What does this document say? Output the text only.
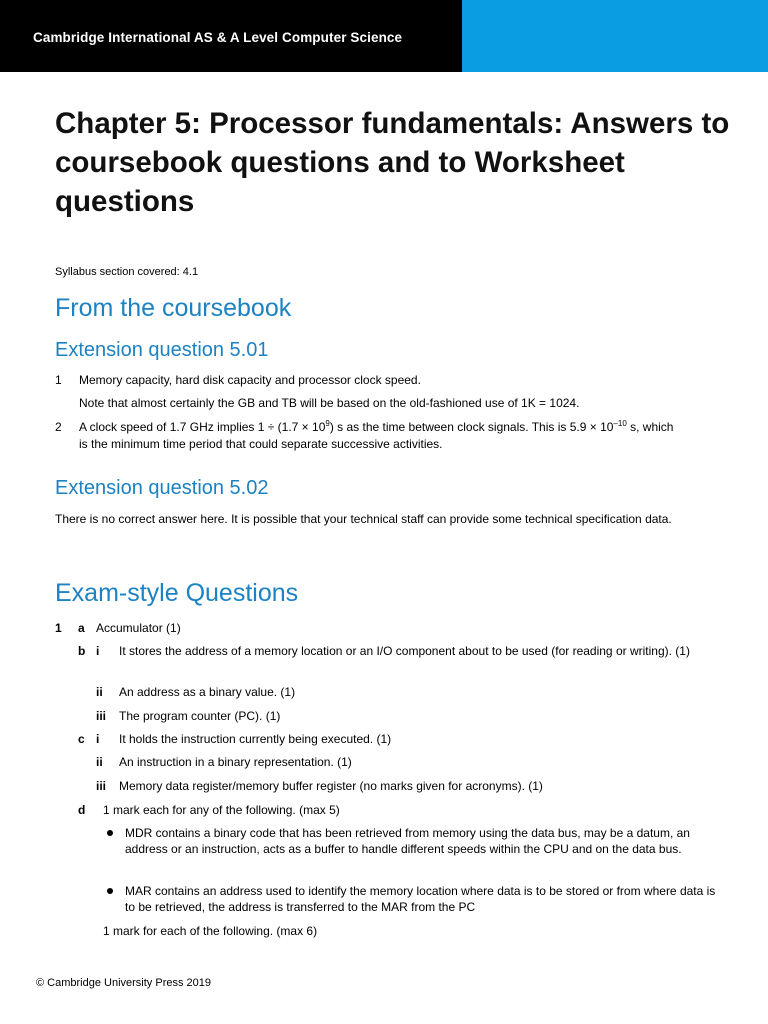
Cambridge International AS & A Level Computer Science
Chapter 5: Processor fundamentals: Answers to coursebook questions and to Worksheet questions

Syllabus section covered: 4.1

From the coursebook

Extension question 5.01

1 Memory capacity, hard disk capacity and processor clock speed.

Note that almost certainly the GB and TB will be based on the old-fashioned use of 1K = 1024.

2 A clock speed of 1.7 GHz implies $1 \div (1.7 \times 10^9)$ s as the time between clock signals. This is $5.9 \times 10^{-10}$ s, which

is the minimum time period that could separate successive activities.

Extension question 5.02

There is no correct answer here. It is possible that your technical staff can provide some technical specification data.

Exam-style Questions

1 a Accumulator (1)

b i It stores the address of a memory location or an I/O component about to be used (for reading or writing). (1)

ii An address as a binary value. (1)

iii The program counter (PC). (1)

c i It holds the instruction currently being executed. (1)

ii An instruction in a binary representation. (1)

iii Memory data register/memory buffer register (no marks given for acronyms). (1)

d 1 mark each for any of the following. (max 5)

MDR contains a binary code that has been retrieved from memory using the data bus, may be a datum, an address or an instruction, acts as a buffer to handle different speeds within the CPU and on the data bus.

MAR contains an address used to identify the memory location where data is to be stored or from where data is to be retrieved, the address is transferred to the MAR from the PC

1 mark for each of the following. (max 6)

© Cambridge University Press 2019
